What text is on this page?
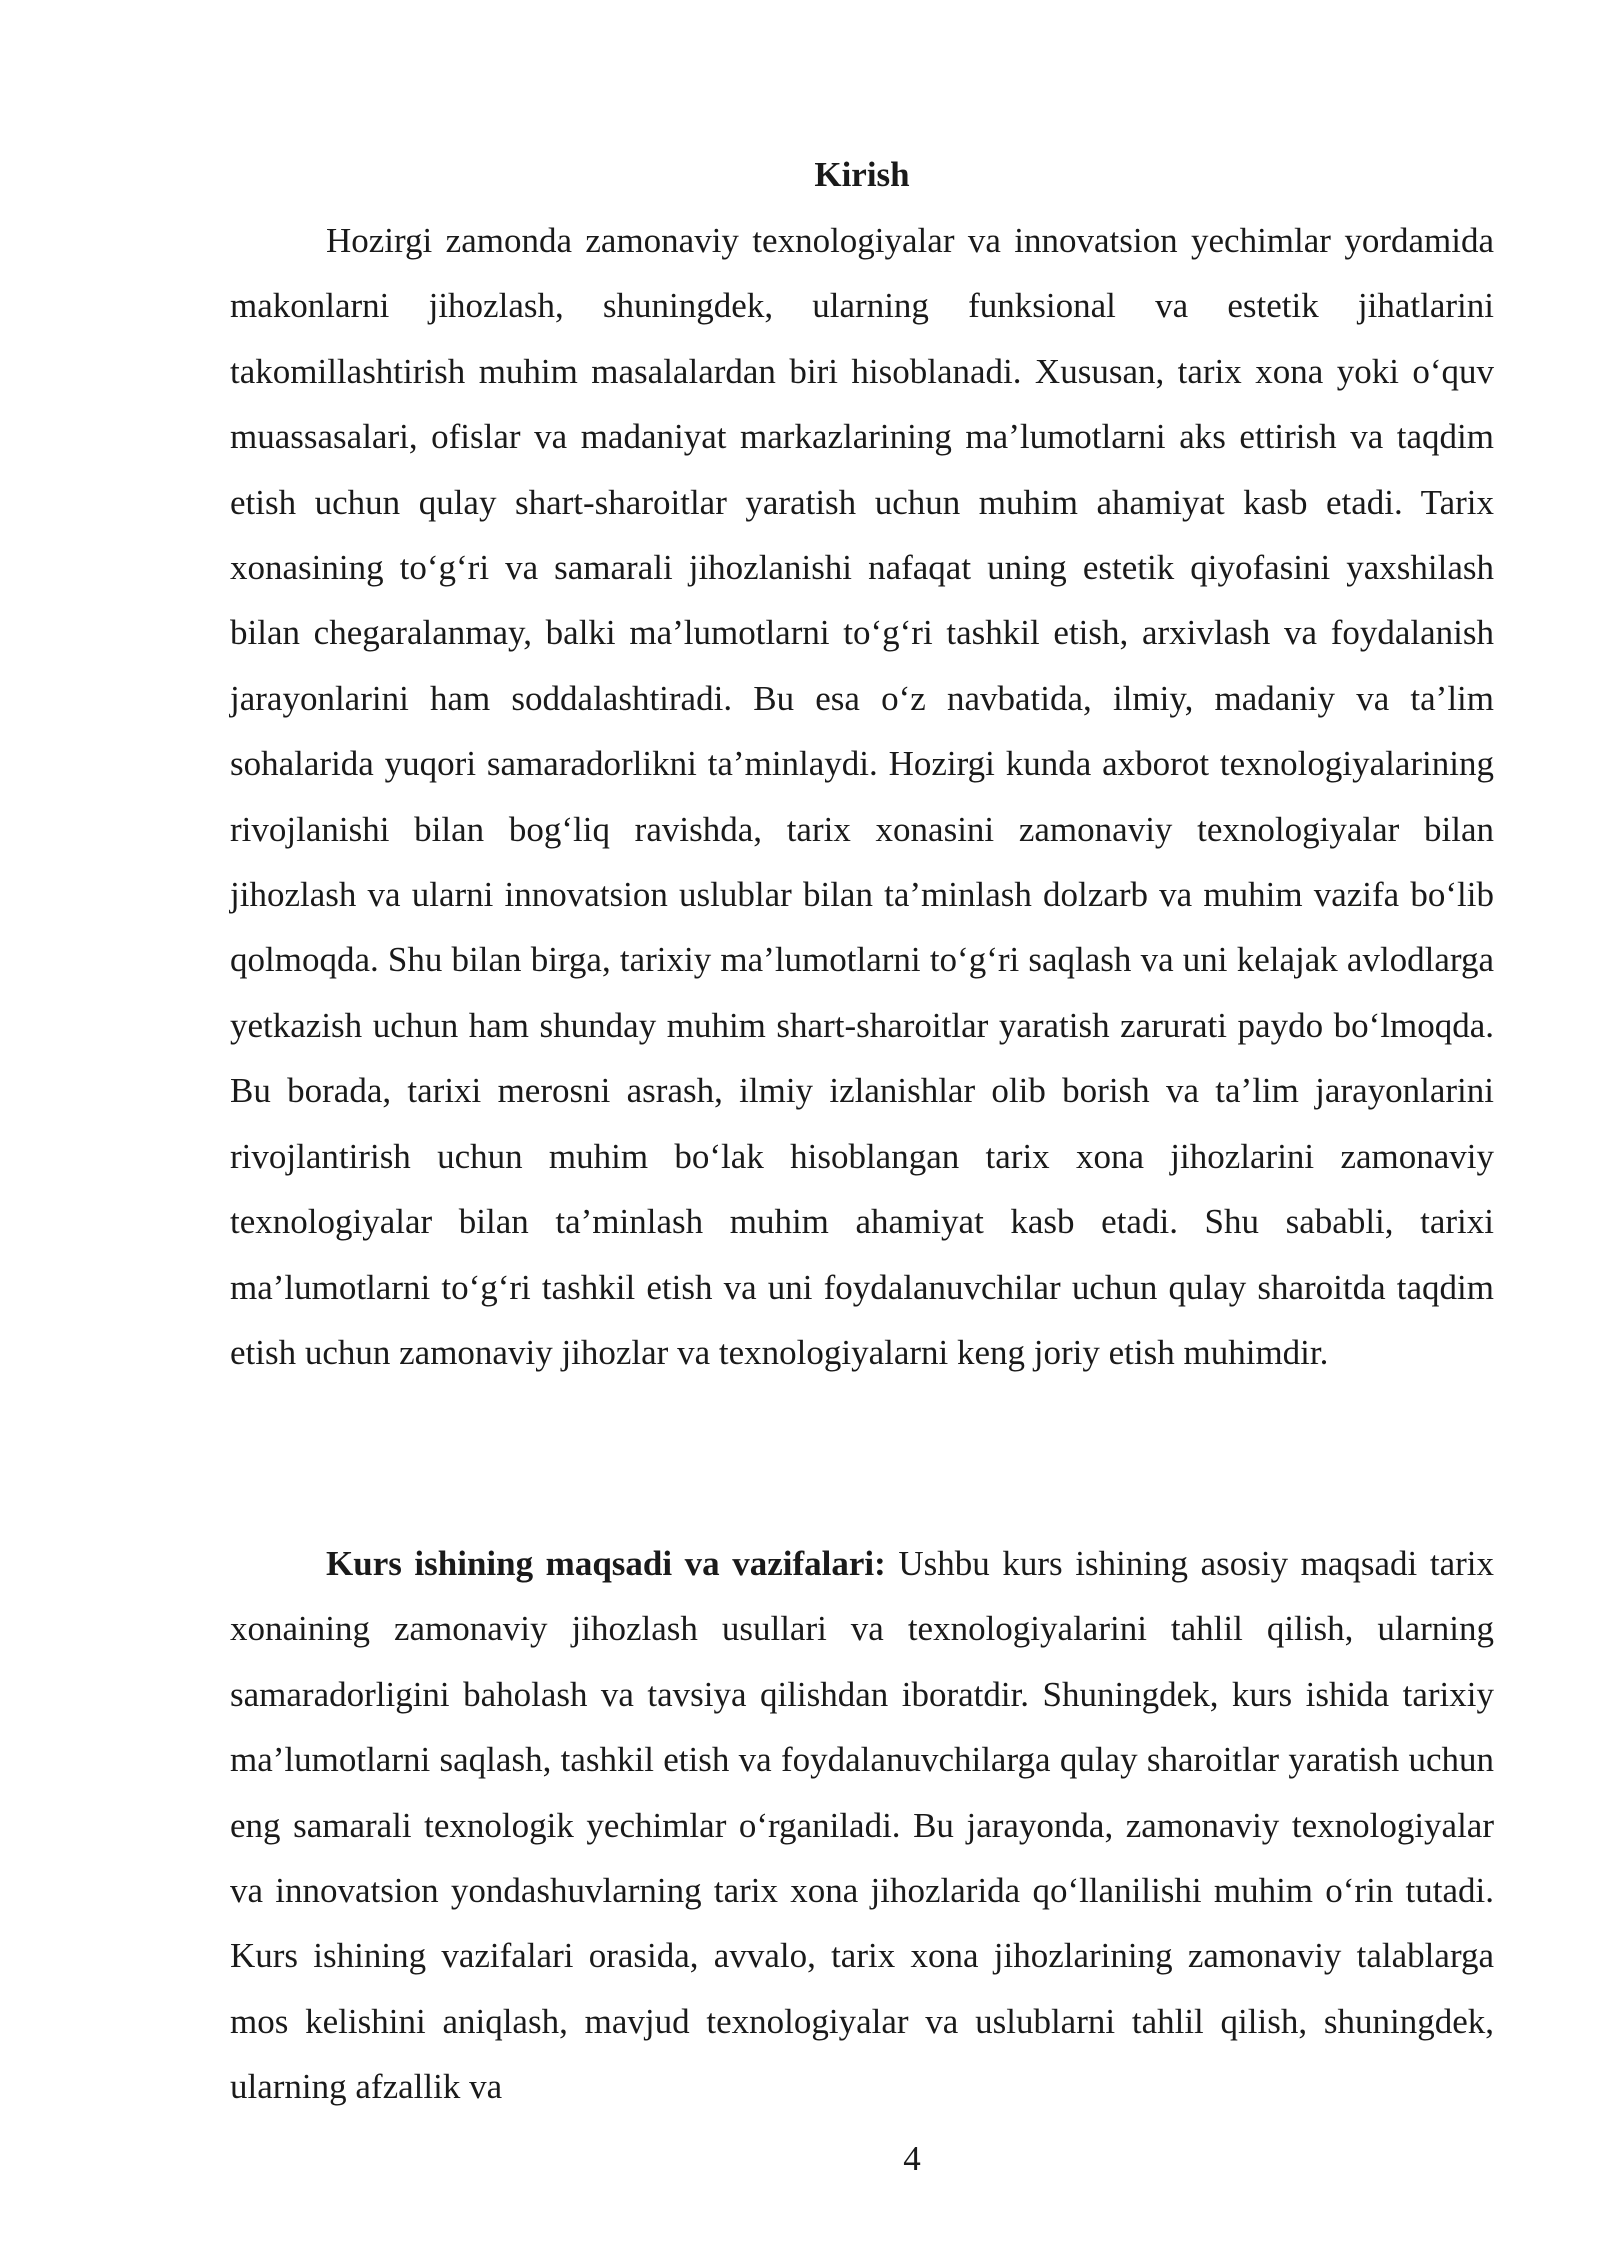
Kirish

Hozirgi zamonda zamonaviy texnologiyalar va innovatsion yechimlar yordamida makonlarni jihozlash, shuningdek, ularning funksional va estetik jihatlarini takomillashtirish muhim masalalardan biri hisoblanadi. Xususan, tarix xona yoki o‘quv muassasalari, ofislar va madaniyat markazlarining ma’lumotlarni aks ettirish va taqdim etish uchun qulay shart-sharoitlar yaratish uchun muhim ahamiyat kasb etadi. Tarix xonasining to‘g‘ri va samarali jihozlanishi nafaqat uning estetik qiyofasini yaxshilash bilan chegaralanmay, balki ma’lumotlarni to‘g‘ri tashkil etish, arxivlash va foydalanish jarayonlarini ham soddalashtiradi. Bu esa o‘z navbatida, ilmiy, madaniy va ta’lim sohalarida yuqori samaradorlikni ta’minlaydi. Hozirgi kunda axborot texnologiyalarining rivojlanishi bilan bog‘liq ravishda, tarix xonasini zamonaviy texnologiyalar bilan jihozlash va ularni innovatsion uslublar bilan ta’minlash dolzarb va muhim vazifa bo‘lib qolmoqda. Shu bilan birga, tarixiy ma’lumotlarni to‘g‘ri saqlash va uni kelajak avlodlarga yetkazish uchun ham shunday muhim shart-sharoitlar yaratish zarurati paydo bo‘lmoqda. Bu borada, tarixi merosni asrash, ilmiy izlanishlar olib borish va ta’lim jarayonlarini rivojlantirish uchun muhim bo‘lak hisoblangan tarix xona jihozlarini zamonaviy texnologiyalar bilan ta’minlash muhim ahamiyat kasb etadi. Shu sababli, tarixi ma’lumotlarni to‘g‘ri tashkil etish va uni foydalanuvchilar uchun qulay sharoitda taqdim etish uchun zamonaviy jihozlar va texnologiyalarni keng joriy etish muhimdir.

Kurs ishining maqsadi va vazifalari: Ushbu kurs ishining asosiy maqsadi tarix xonaining zamonaviy jihozlash usullari va texnologiyalarini tahlil qilish, ularning samaradorligini baholash va tavsiya qilishdan iboratdir. Shuningdek, kurs ishida tarixiy ma’lumotlarni saqlash, tashkil etish va foydalanuvchilarga qulay sharoitlar yaratish uchun eng samarali texnologik yechimlar o‘rganiladi. Bu jarayonda, zamonaviy texnologiyalar va innovatsion yondashuvlarning tarix xona jihozlarida qo‘llanilishi muhim o‘rin tutadi. Kurs ishining vazifalari orasida, avvalo, tarix xona jihozlarining zamonaviy talablarga mos kelishini aniqlash, mavjud texnologiyalar va uslublarni tahlil qilish, shuningdek, ularning afzallik va

4
